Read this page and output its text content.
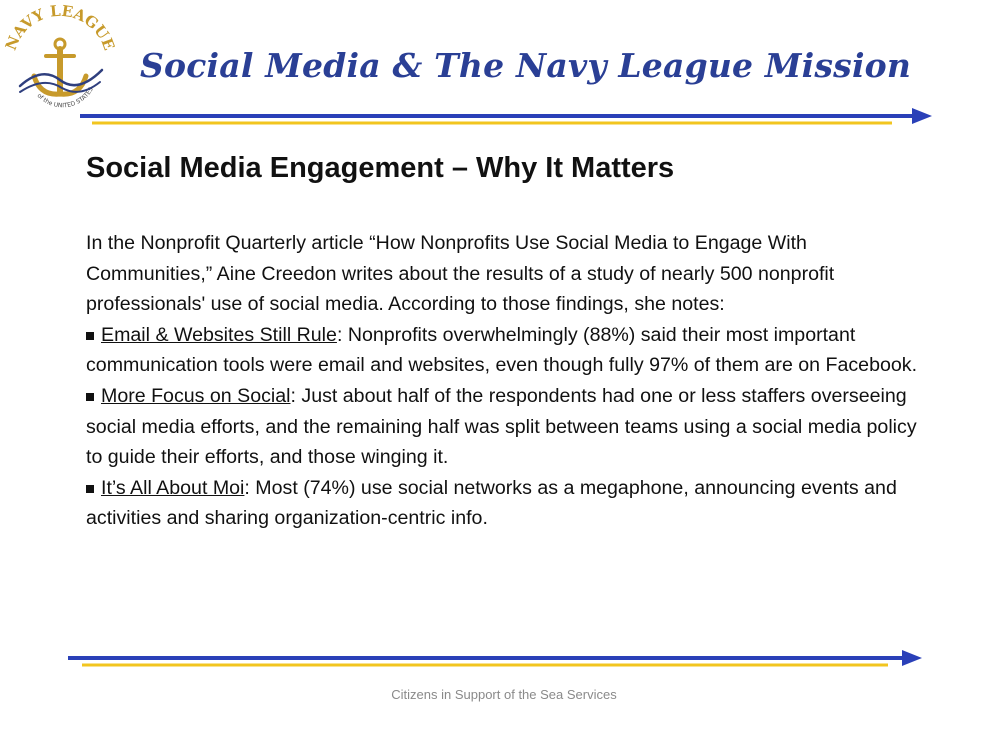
NAVY LEAGUE
of the UNITED STATES
Social Media & The Navy League Mission
Social Media Engagement – Why It Matters

In the Nonprofit Quarterly article “How Nonprofits Use Social Media to Engage With Communities,” Aine Creedon writes about the results of a study of nearly 500 nonprofit professionals' use of social media. According to those findings, she notes:

Email & Websites Still Rule: Nonprofits overwhelmingly (88%) said their most important communication tools were email and websites, even though fully 97% of them are on Facebook.

More Focus on Social: Just about half of the respondents had one or less staffers overseeing social media efforts, and the remaining half was split between teams using a social media policy to guide their efforts, and those winging it.

It’s All About Moi: Most (74%) use social networks as a megaphone, announcing events and activities and sharing organization-centric info.

Citizens in Support of the Sea Services
